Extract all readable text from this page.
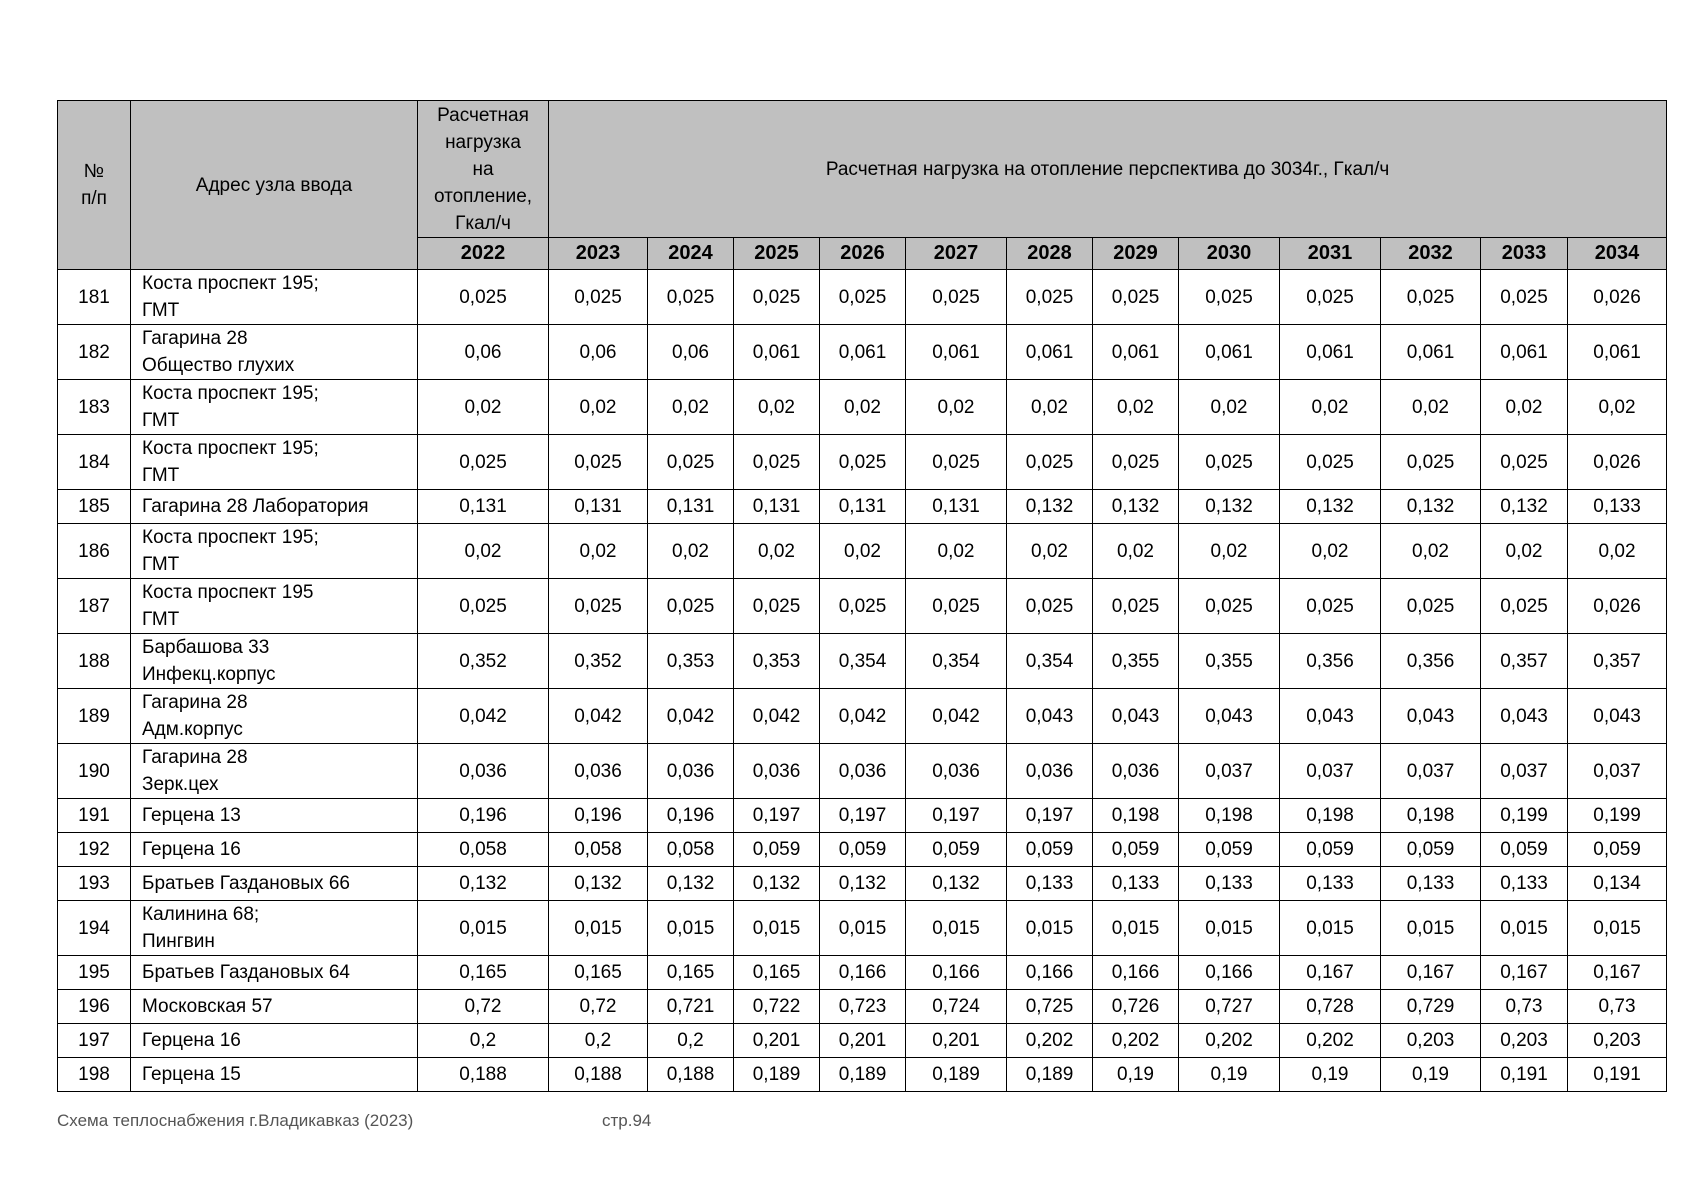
№
п/п	Адрес узла ввода	Расчетная
нагрузка
на
отопление,
Гкал/ч	Расчетная нагрузка на отопление перспектива до 3034г., Гкал/ч											
		2022	2023	2024	2025	2026	2027	2028	2029	2030	2031	2032	2033	2034
181	Коста проспект 195;
ГМТ	0,025	0,025	0,025	0,025	0,025	0,025	0,025	0,025	0,025	0,025	0,025	0,025	0,026
182	Гагарина 28
Общество глухих	0,06	0,06	0,06	0,061	0,061	0,061	0,061	0,061	0,061	0,061	0,061	0,061	0,061
183	Коста проспект 195;
ГМТ	0,02	0,02	0,02	0,02	0,02	0,02	0,02	0,02	0,02	0,02	0,02	0,02	0,02
184	Коста проспект 195;
ГМТ	0,025	0,025	0,025	0,025	0,025	0,025	0,025	0,025	0,025	0,025	0,025	0,025	0,026
185	Гагарина 28 Лаборатория	0,131	0,131	0,131	0,131	0,131	0,131	0,132	0,132	0,132	0,132	0,132	0,132	0,133
186	Коста проспект 195;
ГМТ	0,02	0,02	0,02	0,02	0,02	0,02	0,02	0,02	0,02	0,02	0,02	0,02	0,02
187	Коста проспект 195
ГМТ	0,025	0,025	0,025	0,025	0,025	0,025	0,025	0,025	0,025	0,025	0,025	0,025	0,026
188	Барбашова 33
Инфекц.корпус	0,352	0,352	0,353	0,353	0,354	0,354	0,354	0,355	0,355	0,356	0,356	0,357	0,357
189	Гагарина 28
Адм.корпус	0,042	0,042	0,042	0,042	0,042	0,042	0,043	0,043	0,043	0,043	0,043	0,043	0,043
190	Гагарина 28
Зерк.цех	0,036	0,036	0,036	0,036	0,036	0,036	0,036	0,036	0,037	0,037	0,037	0,037	0,037
191	Герцена 13	0,196	0,196	0,196	0,197	0,197	0,197	0,197	0,198	0,198	0,198	0,198	0,199	0,199
192	Герцена 16	0,058	0,058	0,058	0,059	0,059	0,059	0,059	0,059	0,059	0,059	0,059	0,059	0,059
193	Братьев Газдановых 66	0,132	0,132	0,132	0,132	0,132	0,132	0,133	0,133	0,133	0,133	0,133	0,133	0,134
194	Калинина 68;
Пингвин	0,015	0,015	0,015	0,015	0,015	0,015	0,015	0,015	0,015	0,015	0,015	0,015	0,015
195	Братьев Газдановых 64	0,165	0,165	0,165	0,165	0,166	0,166	0,166	0,166	0,166	0,167	0,167	0,167	0,167
196	Московская 57	0,72	0,72	0,721	0,722	0,723	0,724	0,725	0,726	0,727	0,728	0,729	0,73	0,73
197	Герцена 16	0,2	0,2	0,2	0,201	0,201	0,201	0,202	0,202	0,202	0,202	0,203	0,203	0,203
198	Герцена 15	0,188	0,188	0,188	0,189	0,189	0,189	0,189	0,19	0,19	0,19	0,19	0,191	0,191
Схема теплоснабжения г.Владикавказ (2023)	стр.94
